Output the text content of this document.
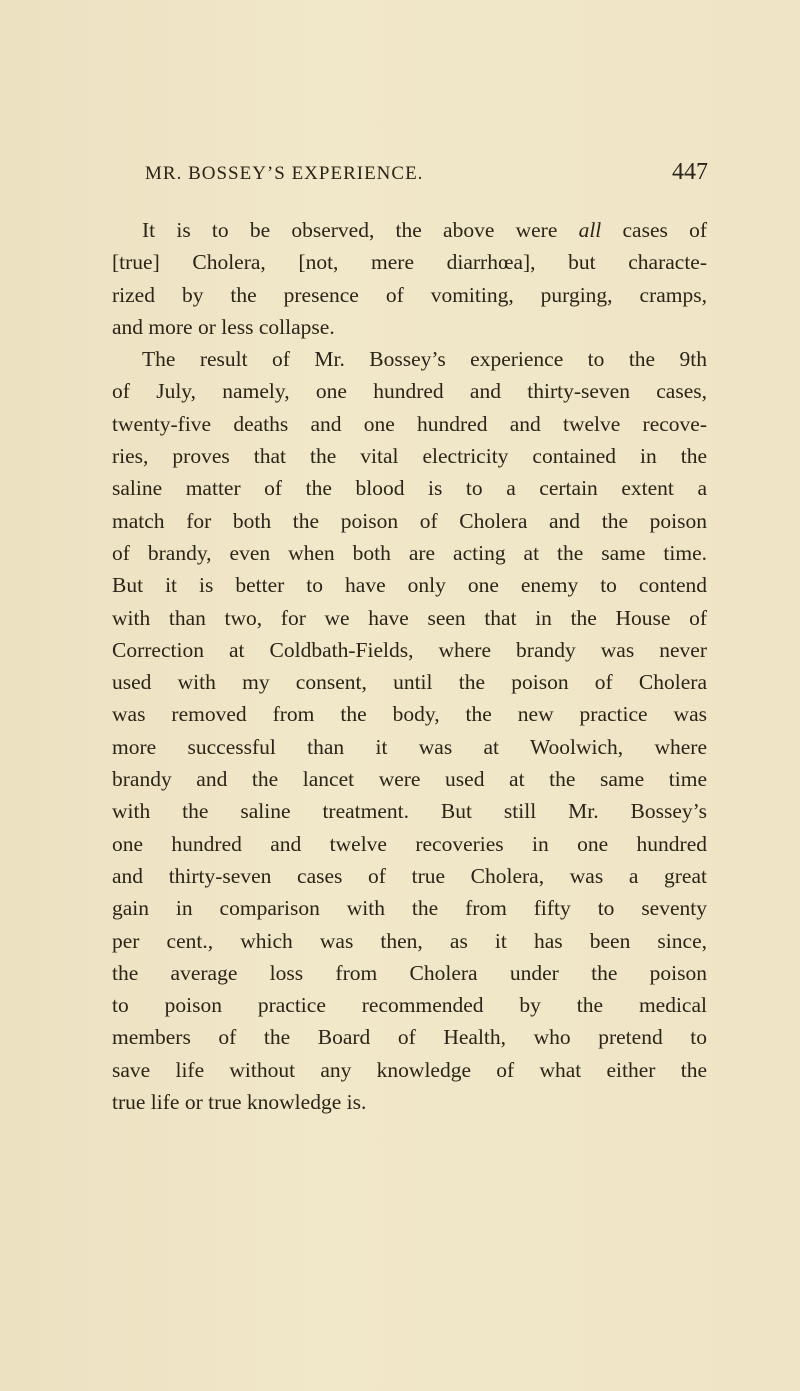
MR. BOSSEY’S EXPERIENCE.	447
It is to be observed, the above were all cases of
[true] Cholera, [not, mere diarrhœa], but characte-
rized by the presence of vomiting, purging, cramps,
and more or less collapse.
The result of Mr. Bossey’s experience to the 9th
of July, namely, one hundred and thirty-seven cases,
twenty-five deaths and one hundred and twelve recove-
ries, proves that the vital electricity contained in the
saline matter of the blood is to a certain extent a
match for both the poison of Cholera and the poison
of brandy, even when both are acting at the same time.
But it is better to have only one enemy to contend
with than two, for we have seen that in the House of
Correction at Coldbath-Fields, where brandy was never
used with my consent, until the poison of Cholera
was removed from the body, the new practice was
more successful than it was at Woolwich, where
brandy and the lancet were used at the same time
with the saline treatment. But still Mr. Bossey’s
one hundred and twelve recoveries in one hundred
and thirty-seven cases of true Cholera, was a great
gain in comparison with the from fifty to seventy
per cent., which was then, as it has been since,
the average loss from Cholera under the poison
to poison practice recommended by the medical
members of the Board of Health, who pretend to
save life without any knowledge of what either the
true life or true knowledge is.
